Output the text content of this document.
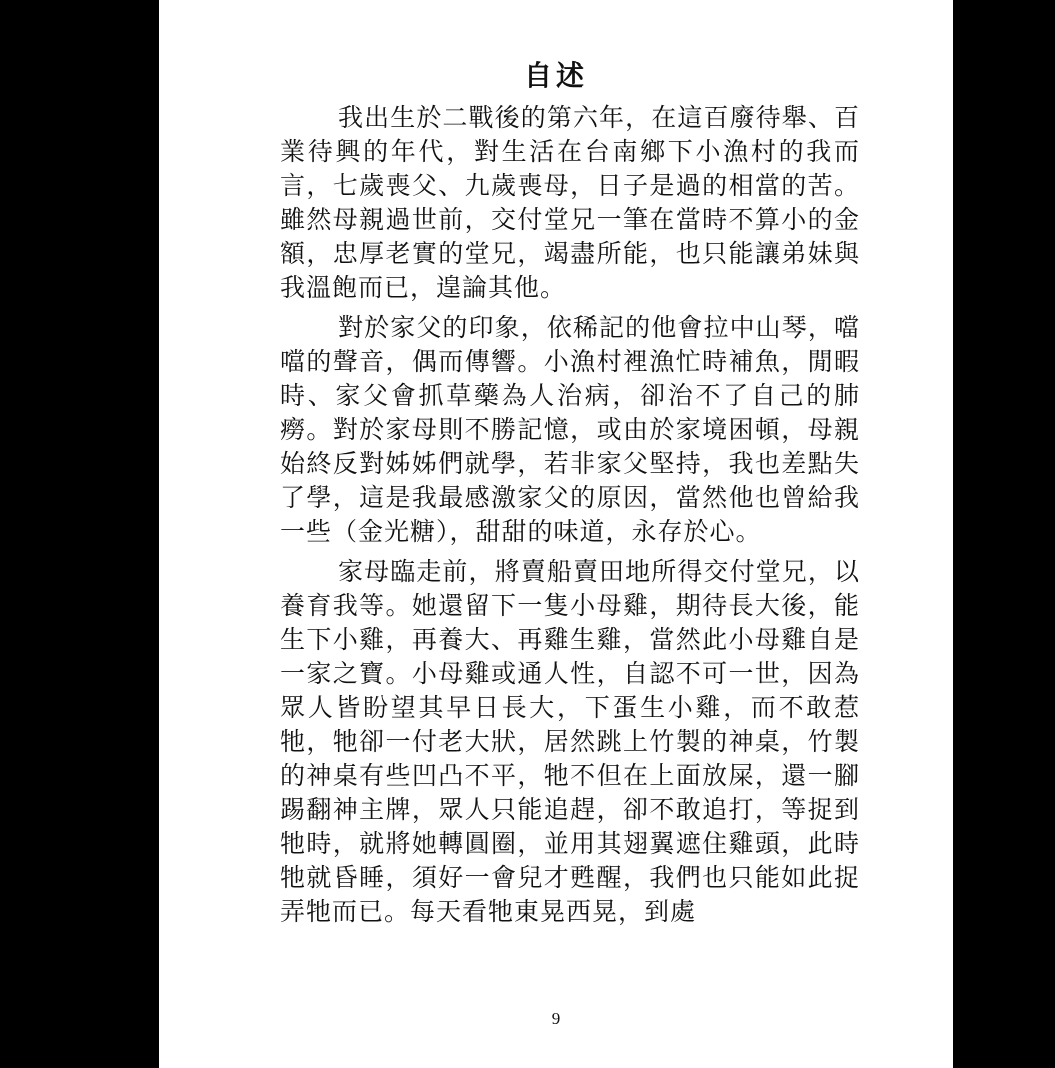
自述

我出生於二戰後的第六年，在這百廢待舉、百業待興的年代，對生活在台南鄉下小漁村的我而言，七歲喪父、九歲喪母，日子是過的相當的苦。雖然母親過世前，交付堂兄一筆在當時不算小的金額，忠厚老實的堂兄，竭盡所能，也只能讓弟妹與我溫飽而已，遑論其他。

對於家父的印象，依稀記的他會拉中山琴，噹噹的聲音，偶而傳響。小漁村裡漁忙時補魚，閒暇時、家父會抓草藥為人治病，卻治不了自己的肺癆。對於家母則不勝記憶，或由於家境困頓，母親始終反對姊姊們就學，若非家父堅持，我也差點失了學，這是我最感激家父的原因，當然他也曾給我一些（金光糖），甜甜的味道，永存於心。

家母臨走前，將賣船賣田地所得交付堂兄，以養育我等。她還留下一隻小母雞，期待長大後，能生下小雞，再養大、再雞生雞，當然此小母雞自是一家之寶。小母雞或通人性，自認不可一世，因為眾人皆盼望其早日長大，下蛋生小雞，而不敢惹牠，牠卻一付老大狀，居然跳上竹製的神桌，竹製的神桌有些凹凸不平，牠不但在上面放屎，還一腳踢翻神主牌，眾人只能追趕，卻不敢追打，等捉到牠時，就將她轉圓圈，並用其翅翼遮住雞頭，此時牠就昏睡，須好一會兒才甦醒，我們也只能如此捉弄牠而已。每天看牠東晃西晃，到處

9
